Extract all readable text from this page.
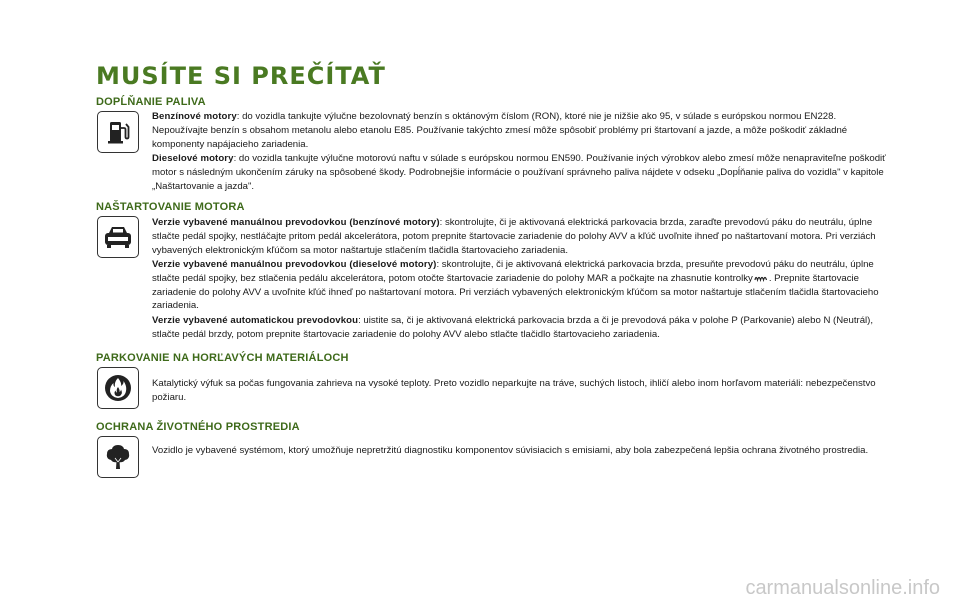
MUSÍTE SI PREČÍTAŤ
DOPĹŇANIE PALIVA

Benzínové motory: do vozidla tankujte výlučne bezolovnatý benzín s oktánovým číslom (RON), ktoré nie je nižšie ako 95, v súlade s európskou normou EN228. Nepoužívajte benzín s obsahom metanolu alebo etanolu E85. Používanie takýchto zmesí môže spôsobiť problémy pri štartovaní a jazde, a môže poškodiť základné komponenty napájacieho zariadenia.

Dieselové motory: do vozidla tankujte výlučne motorovú naftu v súlade s európskou normou EN590. Používanie iných výrobkov alebo zmesí môže nenapraviteľne poškodiť motor s následným ukončením záruky na spôsobené škody. Podrobnejšie informácie o používaní správneho paliva nájdete v odseku „Dopĺňanie paliva do vozidla" v kapitole „Naštartovanie a jazda".

NAŠTARTOVANIE MOTORA

Verzie vybavené manuálnou prevodovkou (benzínové motory): skontrolujte, či je aktivovaná elektrická parkovacia brzda, zaraďte prevodovú páku do neutrálu, úplne stlačte pedál spojky, nestláčajte pritom pedál akcelerátora, potom prepnite štartovacie zariadenie do polohy AVV a kľúč uvoľnite ihneď po naštartovaní motora. Pri verziách vybavených elektronickým kľúčom sa motor naštartuje stlačením tlačidla štartovacieho zariadenia.

Verzie vybavené manuálnou prevodovkou (dieselové motory): skontrolujte, či je aktivovaná elektrická parkovacia brzda, presuňte prevodovú páku do neutrálu, úplne stlačte pedál spojky, bez stlačenia pedálu akcelerátora, potom otočte štartovacie zariadenie do polohy MAR a počkajte na zhasnutie kontrolky . Prepnite štartovacie zariadenie do polohy AVV a uvoľnite kľúč ihneď po naštartovaní motora. Pri verziách vybavených elektronickým kľúčom sa motor naštartuje stlačením tlačidla štartovacieho zariadenia.

Verzie vybavené automatickou prevodovkou: uistite sa, či je aktivovaná elektrická parkovacia brzda a či je prevodová páka v polohe P (Parkovanie) alebo N (Neutrál), stlačte pedál brzdy, potom prepnite štartovacie zariadenie do polohy AVV alebo stlačte tlačidlo štartovacieho zariadenia.

PARKOVANIE NA HORĽAVÝCH MATERIÁLOCH

Katalytický výfuk sa počas fungovania zahrieva na vysoké teploty. Preto vozidlo neparkujte na tráve, suchých listoch, ihličí alebo inom horľavom materiáli: nebezpečenstvo požiaru.

OCHRANA ŽIVOTNÉHO PROSTREDIA

Vozidlo je vybavené systémom, ktorý umožňuje nepretržitú diagnostiku komponentov súvisiacich s emisiami, aby bola zabezpečená lepšia ochrana životného prostredia.

carmanualsonline.info
